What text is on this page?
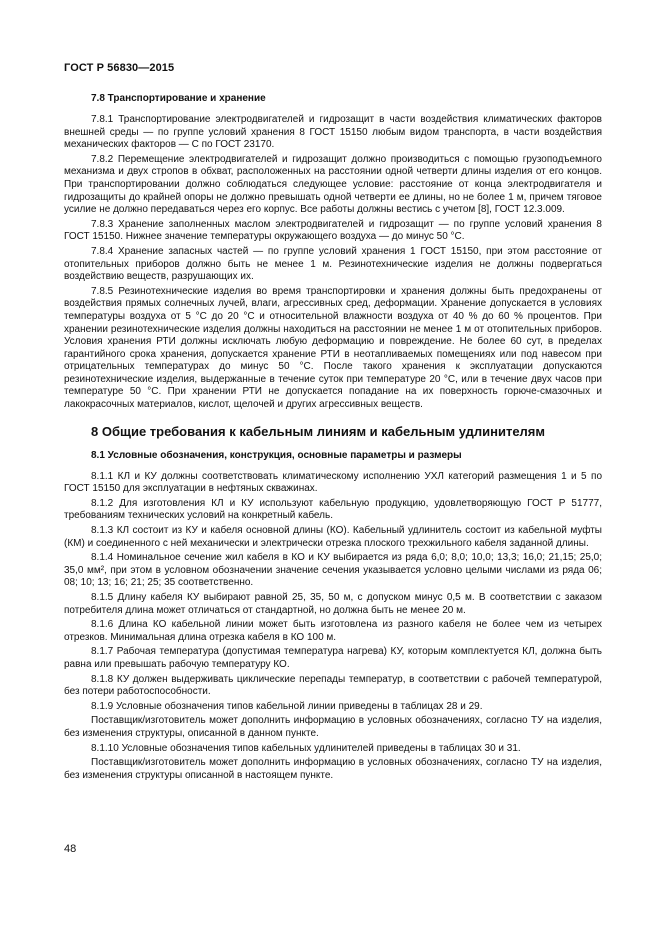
ГОСТ Р 56830—2015
7.8 Транспортирование и хранение

7.8.1 Транспортирование электродвигателей и гидрозащит в части воздействия климатических факторов внешней среды — по группе условий хранения 8 ГОСТ 15150 любым видом транспорта, в части воздействия механических факторов — С по ГОСТ 23170.

7.8.2 Перемещение электродвигателей и гидрозащит должно производиться с помощью грузоподъемного механизма и двух стропов в обхват, расположенных на расстоянии одной четверти длины изделия от его концов. При транспортировании должно соблюдаться следующее условие: расстояние от конца электродвигателя и гидрозащиты до крайней опоры не должно превышать одной четверти ее длины, но не более 1 м, причем тяговое усилие не должно передаваться через его корпус. Все работы должны вестись с учетом [8], ГОСТ 12.3.009.

7.8.3 Хранение заполненных маслом электродвигателей и гидрозащит — по группе условий хранения 8 ГОСТ 15150. Нижнее значение температуры окружающего воздуха — до минус 50 °С.

7.8.4 Хранение запасных частей — по группе условий хранения 1 ГОСТ 15150, при этом расстояние от отопительных приборов должно быть не менее 1 м. Резинотехнические изделия не должны подвергаться воздействию веществ, разрушающих их.

7.8.5 Резинотехнические изделия во время транспортировки и хранения должны быть предохранены от воздействия прямых солнечных лучей, влаги, агрессивных сред, деформации. Хранение допускается в условиях температуры воздуха от 5 °С до 20 °С и относительной влажности воздуха от 40 % до 60 % процентов. При хранении резинотехнические изделия должны находиться на расстоянии не менее 1 м от отопительных приборов. Условия хранения РТИ должны исключать любую деформацию и повреждение. Не более 60 сут, в пределах гарантийного срока хранения, допускается хранение РТИ в неотапливаемых помещениях или под навесом при отрицательных температурах до минус 50 °С. После такого хранения к эксплуатации допускаются резинотехнические изделия, выдержанные в течение суток при температуре 20 °С, или в течение двух часов при температуре 50 °С. При хранении РТИ не допускается попадание на их поверхность горюче-смазочных и лакокрасочных материалов, кислот, щелочей и других агрессивных веществ.

8 Общие требования к кабельным линиям и кабельным удлинителям
8.1 Условные обозначения, конструкция, основные параметры и размеры

8.1.1 КЛ и КУ должны соответствовать климатическому исполнению УХЛ категорий размещения 1 и 5 по ГОСТ 15150 для эксплуатации в нефтяных скважинах.

8.1.2 Для изготовления КЛ и КУ используют кабельную продукцию, удовлетворяющую ГОСТ Р 51777, требованиям технических условий на конкретный кабель.

8.1.3 КЛ состоит из КУ и кабеля основной длины (КО). Кабельный удлинитель состоит из кабельной муфты (КМ) и соединенного с ней механически и электрически отрезка плоского трехжильного кабеля заданной длины.

8.1.4 Номинальное сечение жил кабеля в КО и КУ выбирается из ряда 6,0; 8,0; 10,0; 13,3; 16,0; 21,15; 25,0; 35,0 мм², при этом в условном обозначении значение сечения указывается условно целыми числами из ряда 06; 08; 10; 13; 16; 21; 25; 35 соответственно.

8.1.5 Длину кабеля КУ выбирают равной 25, 35, 50 м, с допуском минус 0,5 м. В соответствии с заказом потребителя длина может отличаться от стандартной, но должна быть не менее 20 м.

8.1.6 Длина КО кабельной линии может быть изготовлена из разного кабеля не более чем из четырех отрезков. Минимальная длина отрезка кабеля в КО 100 м.

8.1.7 Рабочая температура (допустимая температура нагрева) КУ, которым комплектуется КЛ, должна быть равна или превышать рабочую температуру КО.

8.1.8 КУ должен выдерживать циклические перепады температур, в соответствии с рабочей температурой, без потери работоспособности.

8.1.9 Условные обозначения типов кабельной линии приведены в таблицах 28 и 29.

Поставщик/изготовитель может дополнить информацию в условных обозначениях, согласно ТУ на изделия, без изменения структуры, описанной в данном пункте.

8.1.10 Условные обозначения типов кабельных удлинителей приведены в таблицах 30 и 31.

Поставщик/изготовитель может дополнить информацию в условных обозначениях, согласно ТУ на изделия, без изменения структуры описанной в настоящем пункте.

48
